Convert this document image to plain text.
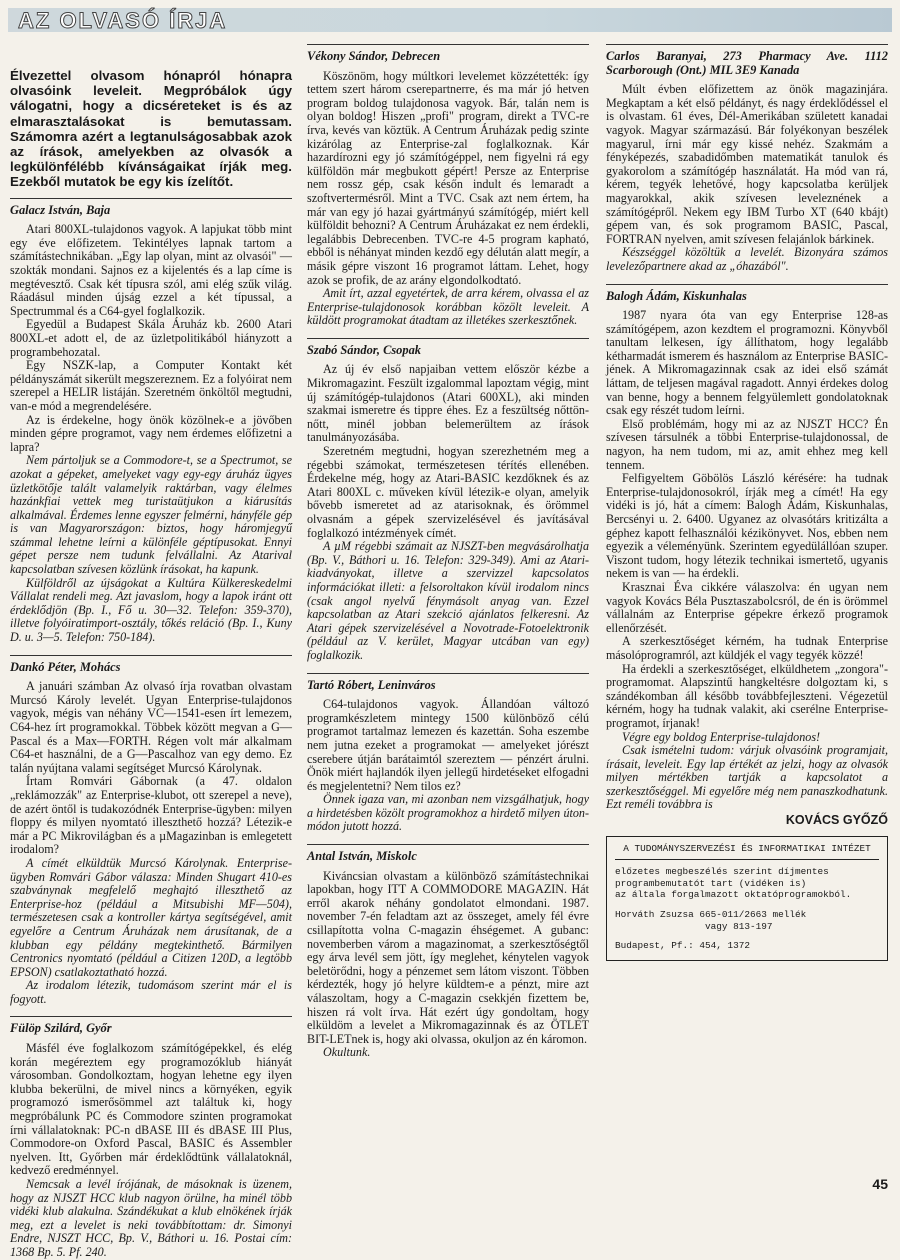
AZ OLVASÓ ÍRJA
Élvezettel olvasom hónapról hónapra olvasóink leveleit. Megpróbálok úgy válogatni, hogy a dicséreteket is és az elmarasztalásokat is bemutassam. Számomra azért a legtanulságosabbak azok az írások, amelyekben az olvasók a legkülönfélébb kívánságaikat írják meg. Ezekből mutatok be egy kis ízelítőt.
Galacz István, Baja

Atari 800XL-tulajdonos vagyok. A lapjukat több mint egy éve előfizetem. Tekintélyes lapnak tartom a számítástechnikában. „Egy lap olyan, mint az olvasói" — szokták mondani. Sajnos ez a kijelentés és a lap címe is megtévesztő. Csak két típusra szól, ami elég szűk világ. Ráadásul minden újság ezzel a két típussal, a Spectrummal és a C64-gyel foglalkozik.

Egyedül a Budapest Skála Áruház kb. 2600 Atari 800XL-et adott el, de az üzletpolitikából hiányzott a programbehozatal.

Egy NSZK-lap, a Computer Kontakt két példányszámát sikerült megszereznem. Ez a folyóirat nem szerepel a HELIR listáján. Szeretném önköltől megtudni, van-e mód a megrendelésére.

Az is érdekelne, hogy önök közölnek-e a jövőben minden gépre programot, vagy nem érdemes előfizetni a lapra?

Nem pártoljuk se a Commodore-t, se a Spectrumot, se azokat a gépeket, amelyeket vagy egy-egy áruház ügyes üzletkötője talált valamelyik raktárban, vagy élelmes hazánkfiai vettek meg turistaütjukon a kiárusítás alkalmával. Érdemes lenne egyszer felmérni, hányféle gép is van Magyarországon: biztos, hogy háromjegyű számmal lehetne leírni a különféle géptípusokat. Ennyi gépet persze nem tudunk felvállalni. Az Atarival kapcsolatban szívesen közlünk írásokat, ha kapunk.

Külföldről az újságokat a Kultúra Külkereskedelmi Vállalat rendeli meg. Azt javaslom, hogy a lapok iránt ott érdeklődjön (Bp. I., Fő u. 30—32. Telefon: 359-370), illetve folyóiratimport-osztály, tőkés reláció (Bp. I., Kuny D. u. 3—5. Telefon: 750-184).

Dankó Péter, Mohács

A januári számban Az olvasó írja rovatban olvastam Murcsó Károly levelét. Ugyan Enterprise-tulajdonos vagyok, mégis van néhány VC—1541-esen írt lemezem, C64-hez írt programokkal. Többek között megvan a G—Pascal és a Max—FORTH. Régen volt már alkalmam C64-et használni, de a G—Pascalhoz van egy demo. Ez talán nyújtana valami segítséget Murcsó Károlynak.

Írtam Romvári Gábornak (a 47. oldalon „reklámozzák" az Enterprise-klubot, ott szerepel a neve), de azért öntől is tudakozódnék Enterprise-ügyben: milyen floppy és milyen nyomtató illeszthető hozzá? Létezik-e már a PC Mikrovilágban és a µMagazinban is emlegetett irodalom?

A címét elküldtük Murcsó Károlynak. Enterprise-ügyben Romvári Gábor válasza: Minden Shugart 410-es szabványnak megfelelő meghajtó illeszthető az Enterprise-hoz (például a Mitsubishi MF—504), természetesen csak a kontroller kártya segítségével, amit egyelőre a Centrum Áruházak nem árusítanak, de a klubban egy példány megtekinthető. Bármilyen Centronics nyomtató (például a Citizen 120D, a legtöbb EPSON) csatlakoztatható hozzá.

Az irodalom létezik, tudomásom szerint már el is fogyott.

Fülöp Szilárd, Győr

Másfél éve foglalkozom számítógépekkel, és elég korán megéreztem egy programozóklub hiányát városomban. Gondolkoztam, hogyan lehetne egy ilyen klubba bekerülni, de mivel nincs a környéken, egyik programozó ismerősömmel azt találtuk ki, hogy megpróbálunk PC és Commodore szinten programokat írni vállalatoknak: PC-n dBASE III és dBASE III Plus, Commodore-on Oxford Pascal, BASIC és Assembler nyelven. Itt, Győrben már érdeklődtünk vállalatoknál, kedvező eredménnyel.

Nemcsak a levél írójának, de másoknak is üzenem, hogy az NJSZT HCC klub nagyon örülne, ha minél több vidéki klub alakulna. Szándékukat a klub elnökének írják meg, ezt a levelet is neki továbbítottam: dr. Simonyi Endre, NJSZT HCC, Bp. V., Báthori u. 16. Postai cím: 1368 Bp. 5. Pf. 240.

Vékony Sándor, Debrecen

Köszönöm, hogy múltkori levelemet közzétették: így tettem szert három cserepartnerre, és ma már jó hetven program boldog tulajdonosa vagyok. Bár, talán nem is olyan boldog! Hiszen „profi" program, direkt a TVC-re írva, kevés van köztük. A Centrum Áruházak pedig szinte kizárólag az Enterprise-zal foglalkoznak. Kár hazardírozni egy jó számítógéppel, nem figyelni rá egy külföldön már megbukott gépért! Persze az Enterprise nem rossz gép, csak későn indult és lemaradt a szoftvertermésről. Mint a TVC. Csak azt nem értem, ha már van egy jó hazai gyártmányú számítógép, miért kell külföldit behozni? A Centrum Áruházakat ez nem érdekli, legalábbis Debrecenben. TVC-re 4-5 program kapható, ebből is néhányat minden kezdő egy délután alatt megír, a másik gépre viszont 16 programot láttam. Lehet, hogy azok se profik, de az arány elgondolkodtató.

Amit írt, azzal egyetértek, de arra kérem, olvassa el az Enterprise-tulajdonosok korábban közölt leveleit. A küldött programokat átadtam az illetékes szerkesztőnek.

Szabó Sándor, Csopak

Az új év első napjaiban vettem először kézbe a Mikromagazint. Feszült izgalommal lapoztam végig, mint új számítógép-tulajdonos (Atari 600XL), aki minden szakmai ismeretre és tippre éhes. Ez a feszültség nőttön-nőtt, minél jobban belemerültem az írások tanulmányozásába.

Szeretném megtudni, hogyan szerezhetném meg a régebbi számokat, természetesen térítés ellenében. Érdekelne még, hogy az Atari-BASIC kezdőknek és az Atari 800XL c. műveken kívül létezik-e olyan, amelyik bővebb ismeretet ad az atarisoknak, és örömmel olvasnám a gépek szervizelésével és javításával foglalkozó intézmények címét.

A µM régebbi számait az NJSZT-ben megvásárolhatja (Bp. V., Báthori u. 16. Telefon: 329-349). Ami az Atari-kiadványokat, illetve a szervizzel kapcsolatos információkat illeti: a felsoroltakon kívül irodalom nincs (csak angol nyelvű fénymásolt anyag van. Ezzel kapcsolatban az Atari szekció ajánlatos felkeresni. Az Atari gépek szervizelésével a Novotrade-Fotoelektronik (például az V. kerület, Magyar utcában van egy) foglalkozik.

Tartó Róbert, Leninváros

C64-tulajdonos vagyok. Állandóan változó programkészletem mintegy 1500 különböző célú programot tartalmaz lemezen és kazettán. Soha eszembe nem jutna ezeket a programokat — amelyeket jórészt cserebere útján barátaimtól szereztem — pénzért árulni. Önök miért hajlandók ilyen jellegű hirdetéseket elfogadni és megjelentetni? Nem tilos ez?

Önnek igaza van, mi azonban nem vizsgálhatjuk, hogy a hirdetésben közölt programokhoz a hirdető milyen úton-módon jutott hozzá.

Antal István, Miskolc

Kiváncsian olvastam a különböző számítástechnikai lapokban, hogy ITT A COMMODORE MAGAZIN. Hát erről akarok néhány gondolatot elmondani. 1987. november 7-én feladtam azt az összeget, amely fél évre csillapította volna C-magazin éhségemet. A gubanc: novemberben várom a magazinomat, a szerkesztőségtől egy árva levél sem jött, így meglehet, kénytelen vagyok beletörődni, hogy a pénzemet sem látom viszont. Többen kérdezték, hogy jó helyre küldtem-e a pénzt, mire azt válaszoltam, hogy a C-magazin csekkjén fizettem be, hiszen rá volt írva. Hát ezért úgy gondoltam, hogy elküldöm a levelet a Mikromagazinnak és az ÖTLET BIT-LETnek is, hogy aki olvassa, okuljon az én káromon.

Okultunk.

Carlos Baranyai, 273 Pharmacy Ave. 1112 Scarborough (Ont.) MIL 3E9 Kanada

Múlt évben előfizettem az önök magazinjára. Megkaptam a két első példányt, és nagy érdeklődéssel el is olvastam. 61 éves, Dél-Amerikában született kanadai vagyok. Magyar származású. Bár folyékonyan beszélek magyarul, írni már egy kissé nehéz. Szakmám a fényképezés, szabadidőmben matematikát tanulok és gyakorolom a számítógép használatát. Ha mód van rá, kérem, tegyék lehetővé, hogy kapcsolatba kerüljek magyarokkal, akik szívesen leveleznének a számítógépről. Nekem egy IBM Turbo XT (640 kbájt) gépem van, és sok programom BASIC, Pascal, FORTRAN nyelven, amit szívesen felajánlok bárkinek.

Készséggel közöltük a levelét. Bizonyára számos levelezőpartnere akad az „óhazából".

Balogh Ádám, Kiskunhalas

1987 nyara óta van egy Enterprise 128-as számítógépem, azon kezdtem el programozni. Könyvből tanultam lelkesen, így állíthatom, hogy legalább kétharmadát ismerem és használom az Enterprise BASIC-jének. A Mikromagazinnak csak az idei első számát láttam, de teljesen magával ragadott. Annyi érdekes dolog van benne, hogy a bennem felgyülemlett gondolatoknak csak egy részét tudom leírni.

Első problémám, hogy mi az az NJSZT HCC? Én szívesen társulnék a többi Enterprise-tulajdonossal, de nagyon, ha nem tudom, mi az, amit ehhez meg kell tennem.

Felfigyeltem Göbölös László kérésére: ha tudnak Enterprise-tulajdonosokról, írják meg a címét! Ha egy vidéki is jó, hát a címem: Balogh Ádám, Kiskunhalas, Bercsényi u. 2. 6400. Ugyanez az olvasótárs kritizálta a géphez kapott felhasználói kézikönyvet. Nos, ebben nem egyezik a véleményünk. Szerintem egyedülállóan szuper. Viszont tudom, hogy létezik technikai ismertető, ugyanis nekem is van — ha érdekli.

Krasznai Éva cikkére válaszolva: én ugyan nem vagyok Kovács Béla Pusztaszabolcsról, de én is örömmel vállalnám az Enterprise gépekre érkező programok ellenőrzését.

A szerkesztőséget kérném, ha tudnak Enterprise másolóprogramról, azt küldjék el vagy tegyék közzé!

Ha érdekli a szerkesztőséget, elküldhetem „zongora"-programomat. Alapszintű hangkeltésre dolgoztam ki, s szándékomban áll később továbbfejleszteni. Végezetül kérném, hogy ha tudnak valakit, aki cserélne Enterprise-programot, írjanak!

Végre egy boldog Enterprise-tulajdonos!

Csak ismételni tudom: várjuk olvasóink programjait, írásait, leveleit. Egy lap értékét az jelzi, hogy az olvasók milyen mértékben tartják a kapcsolatot a szerkesztőséggel. Mi egyelőre még nem panaszkodhatunk. Ezt reméli továbbra is

KOVÁCS GYŐZŐ
A TUDOMÁNYSZERVEZÉSI ÉS INFORMATIKAI INTÉZET
előzetes megbeszélés szerint díjmentes
programbemutatót tart (vidéken is)
az általa forgalmazott oktatóprogramokból.
Horváth Zsuzsa 665-011/2663 mellék
vagy 813-197
Budapest, Pf.: 454, 1372
45
